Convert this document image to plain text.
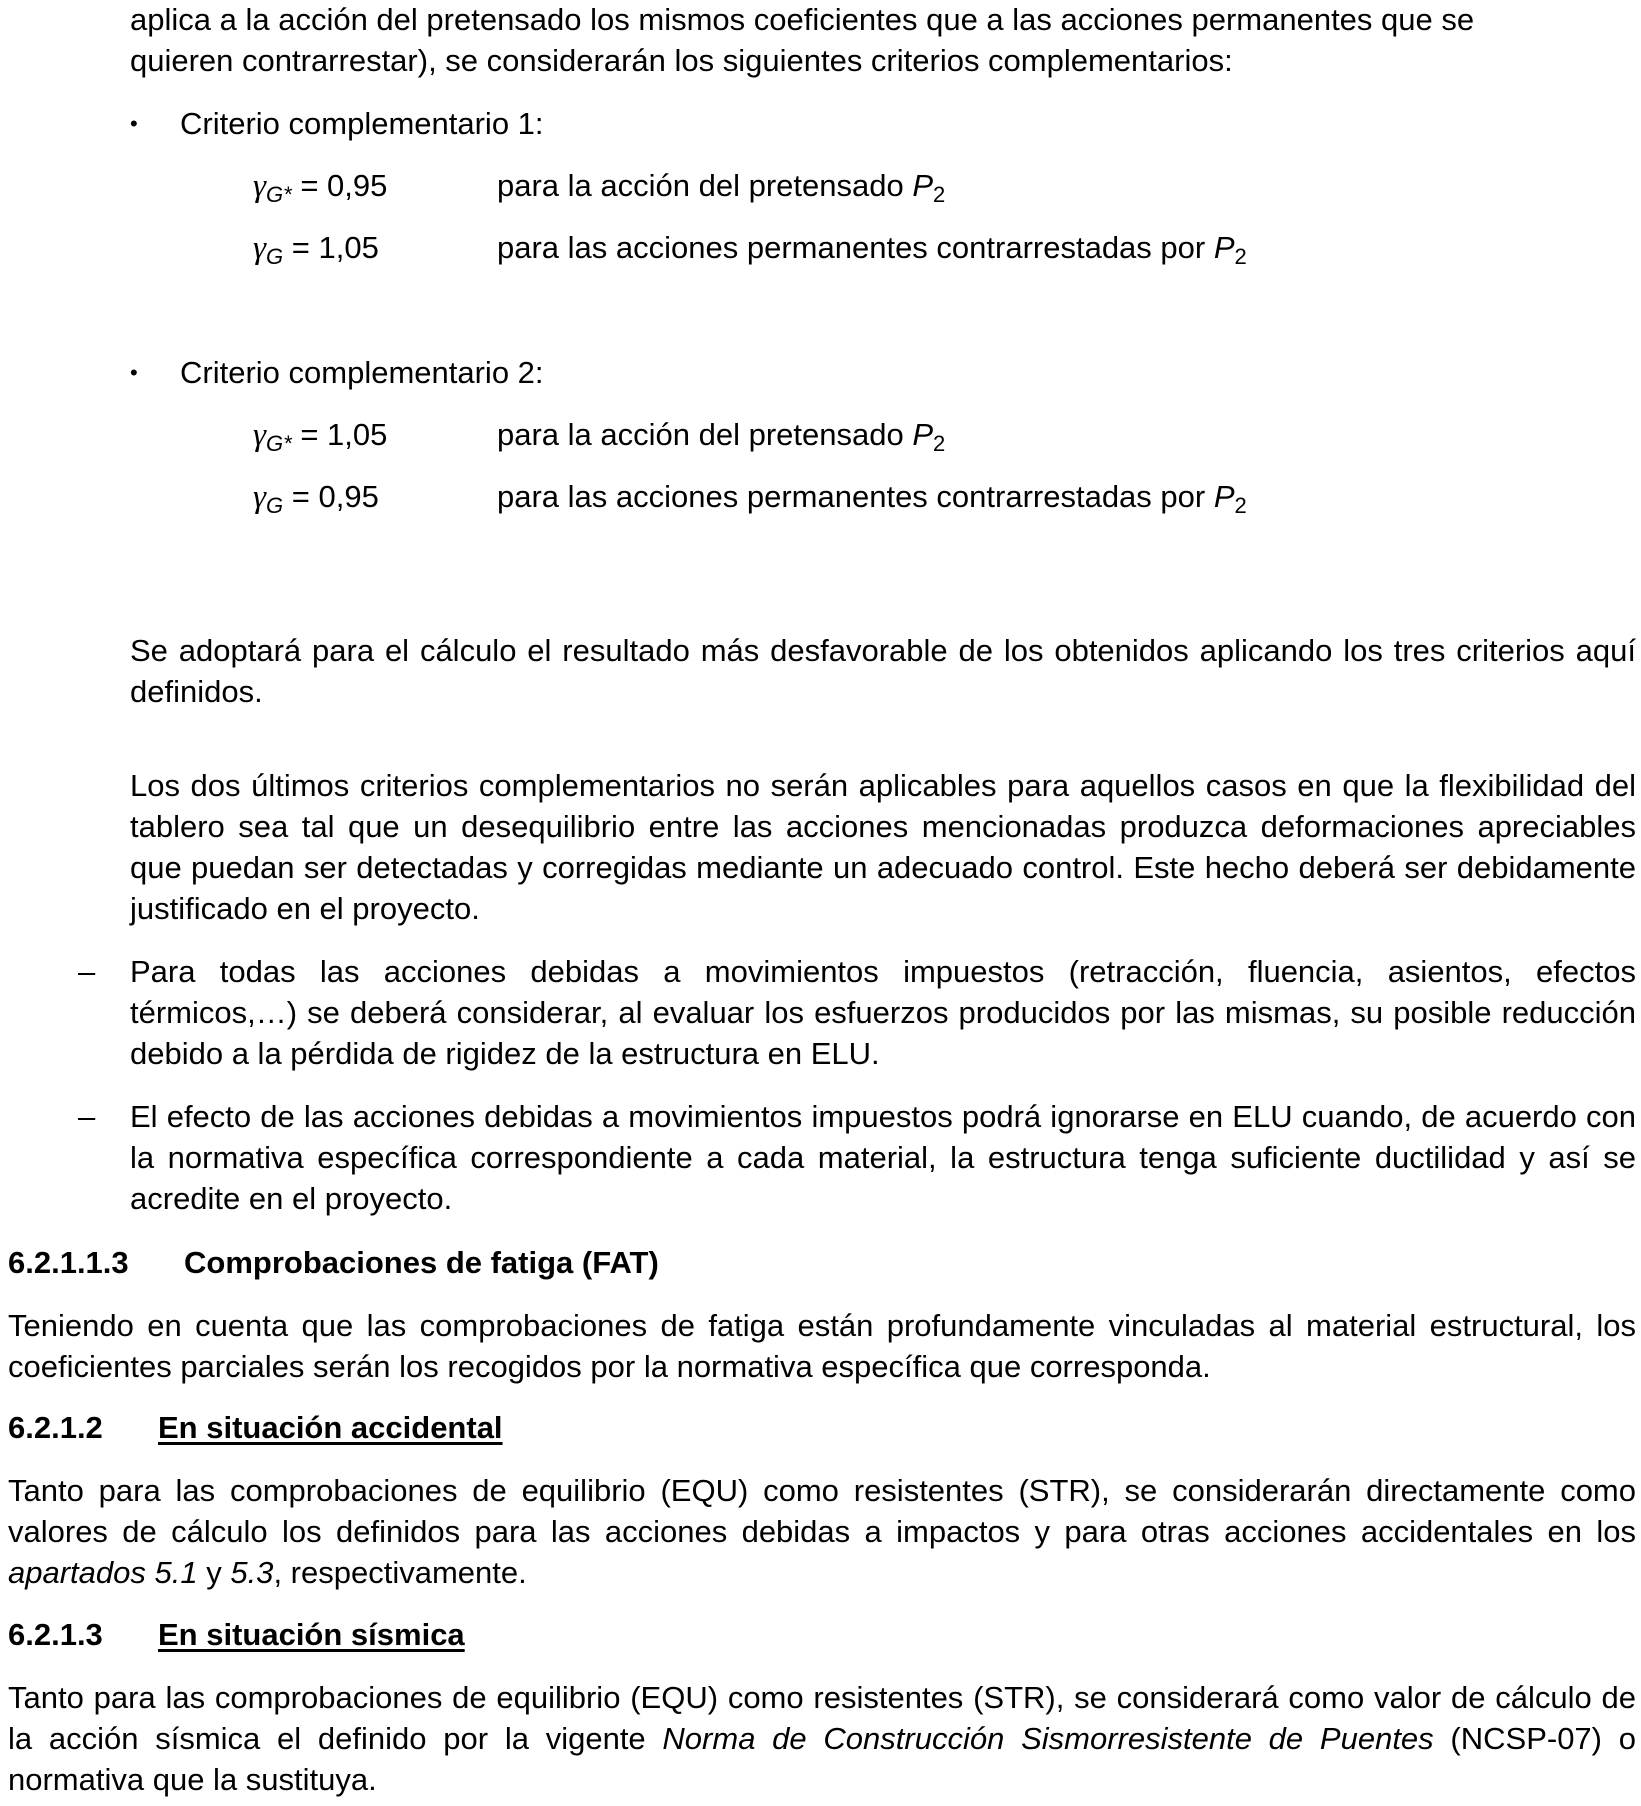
aplica a la acción del pretensado los mismos coeficientes que a las acciones permanentes que se
quieren contrarrestar), se considerarán los siguientes criterios complementarios:
• Criterio complementario 1:
$\gamma_{G*} = 0,95$	para la acción del pretensado $P_2$
$\gamma_G = 1,05$	para las acciones permanentes contrarrestadas por $P_2$
• Criterio complementario 2:
$\gamma_{G*} = 1,05$	para la acción del pretensado $P_2$
$\gamma_G = 0,95$	para las acciones permanentes contrarrestadas por $P_2$
Se adoptará para el cálculo el resultado más desfavorable de los obtenidos aplicando los tres criterios aquí definidos.
Los dos últimos criterios complementarios no serán aplicables para aquellos casos en que la flexibilidad del tablero sea tal que un desequilibrio entre las acciones mencionadas produzca deformaciones apreciables que puedan ser detectadas y corregidas mediante un adecuado control. Este hecho deberá ser debidamente justificado en el proyecto.
– Para todas las acciones debidas a movimientos impuestos (retracción, fluencia, asientos, efectos térmicos,…) se deberá considerar, al evaluar los esfuerzos producidos por las mismas, su posible reducción debido a la pérdida de rigidez de la estructura en ELU.
– El efecto de las acciones debidas a movimientos impuestos podrá ignorarse en ELU cuando, de acuerdo con la normativa específica correspondiente a cada material, la estructura tenga suficiente ductilidad y así se acredite en el proyecto.
6.2.1.1.3 Comprobaciones de fatiga (FAT)
Teniendo en cuenta que las comprobaciones de fatiga están profundamente vinculadas al material estructural, los coeficientes parciales serán los recogidos por la normativa específica que corresponda.
6.2.1.2 En situación accidental
Tanto para las comprobaciones de equilibrio (EQU) como resistentes (STR), se considerarán directamente como valores de cálculo los definidos para las acciones debidas a impactos y para otras acciones accidentales en los apartados 5.1 y 5.3, respectivamente.
6.2.1.3 En situación sísmica
Tanto para las comprobaciones de equilibrio (EQU) como resistentes (STR), se considerará como valor de cálculo de la acción sísmica el definido por la vigente Norma de Construcción Sismorresistente de Puentes (NCSP-07) o normativa que la sustituya.
